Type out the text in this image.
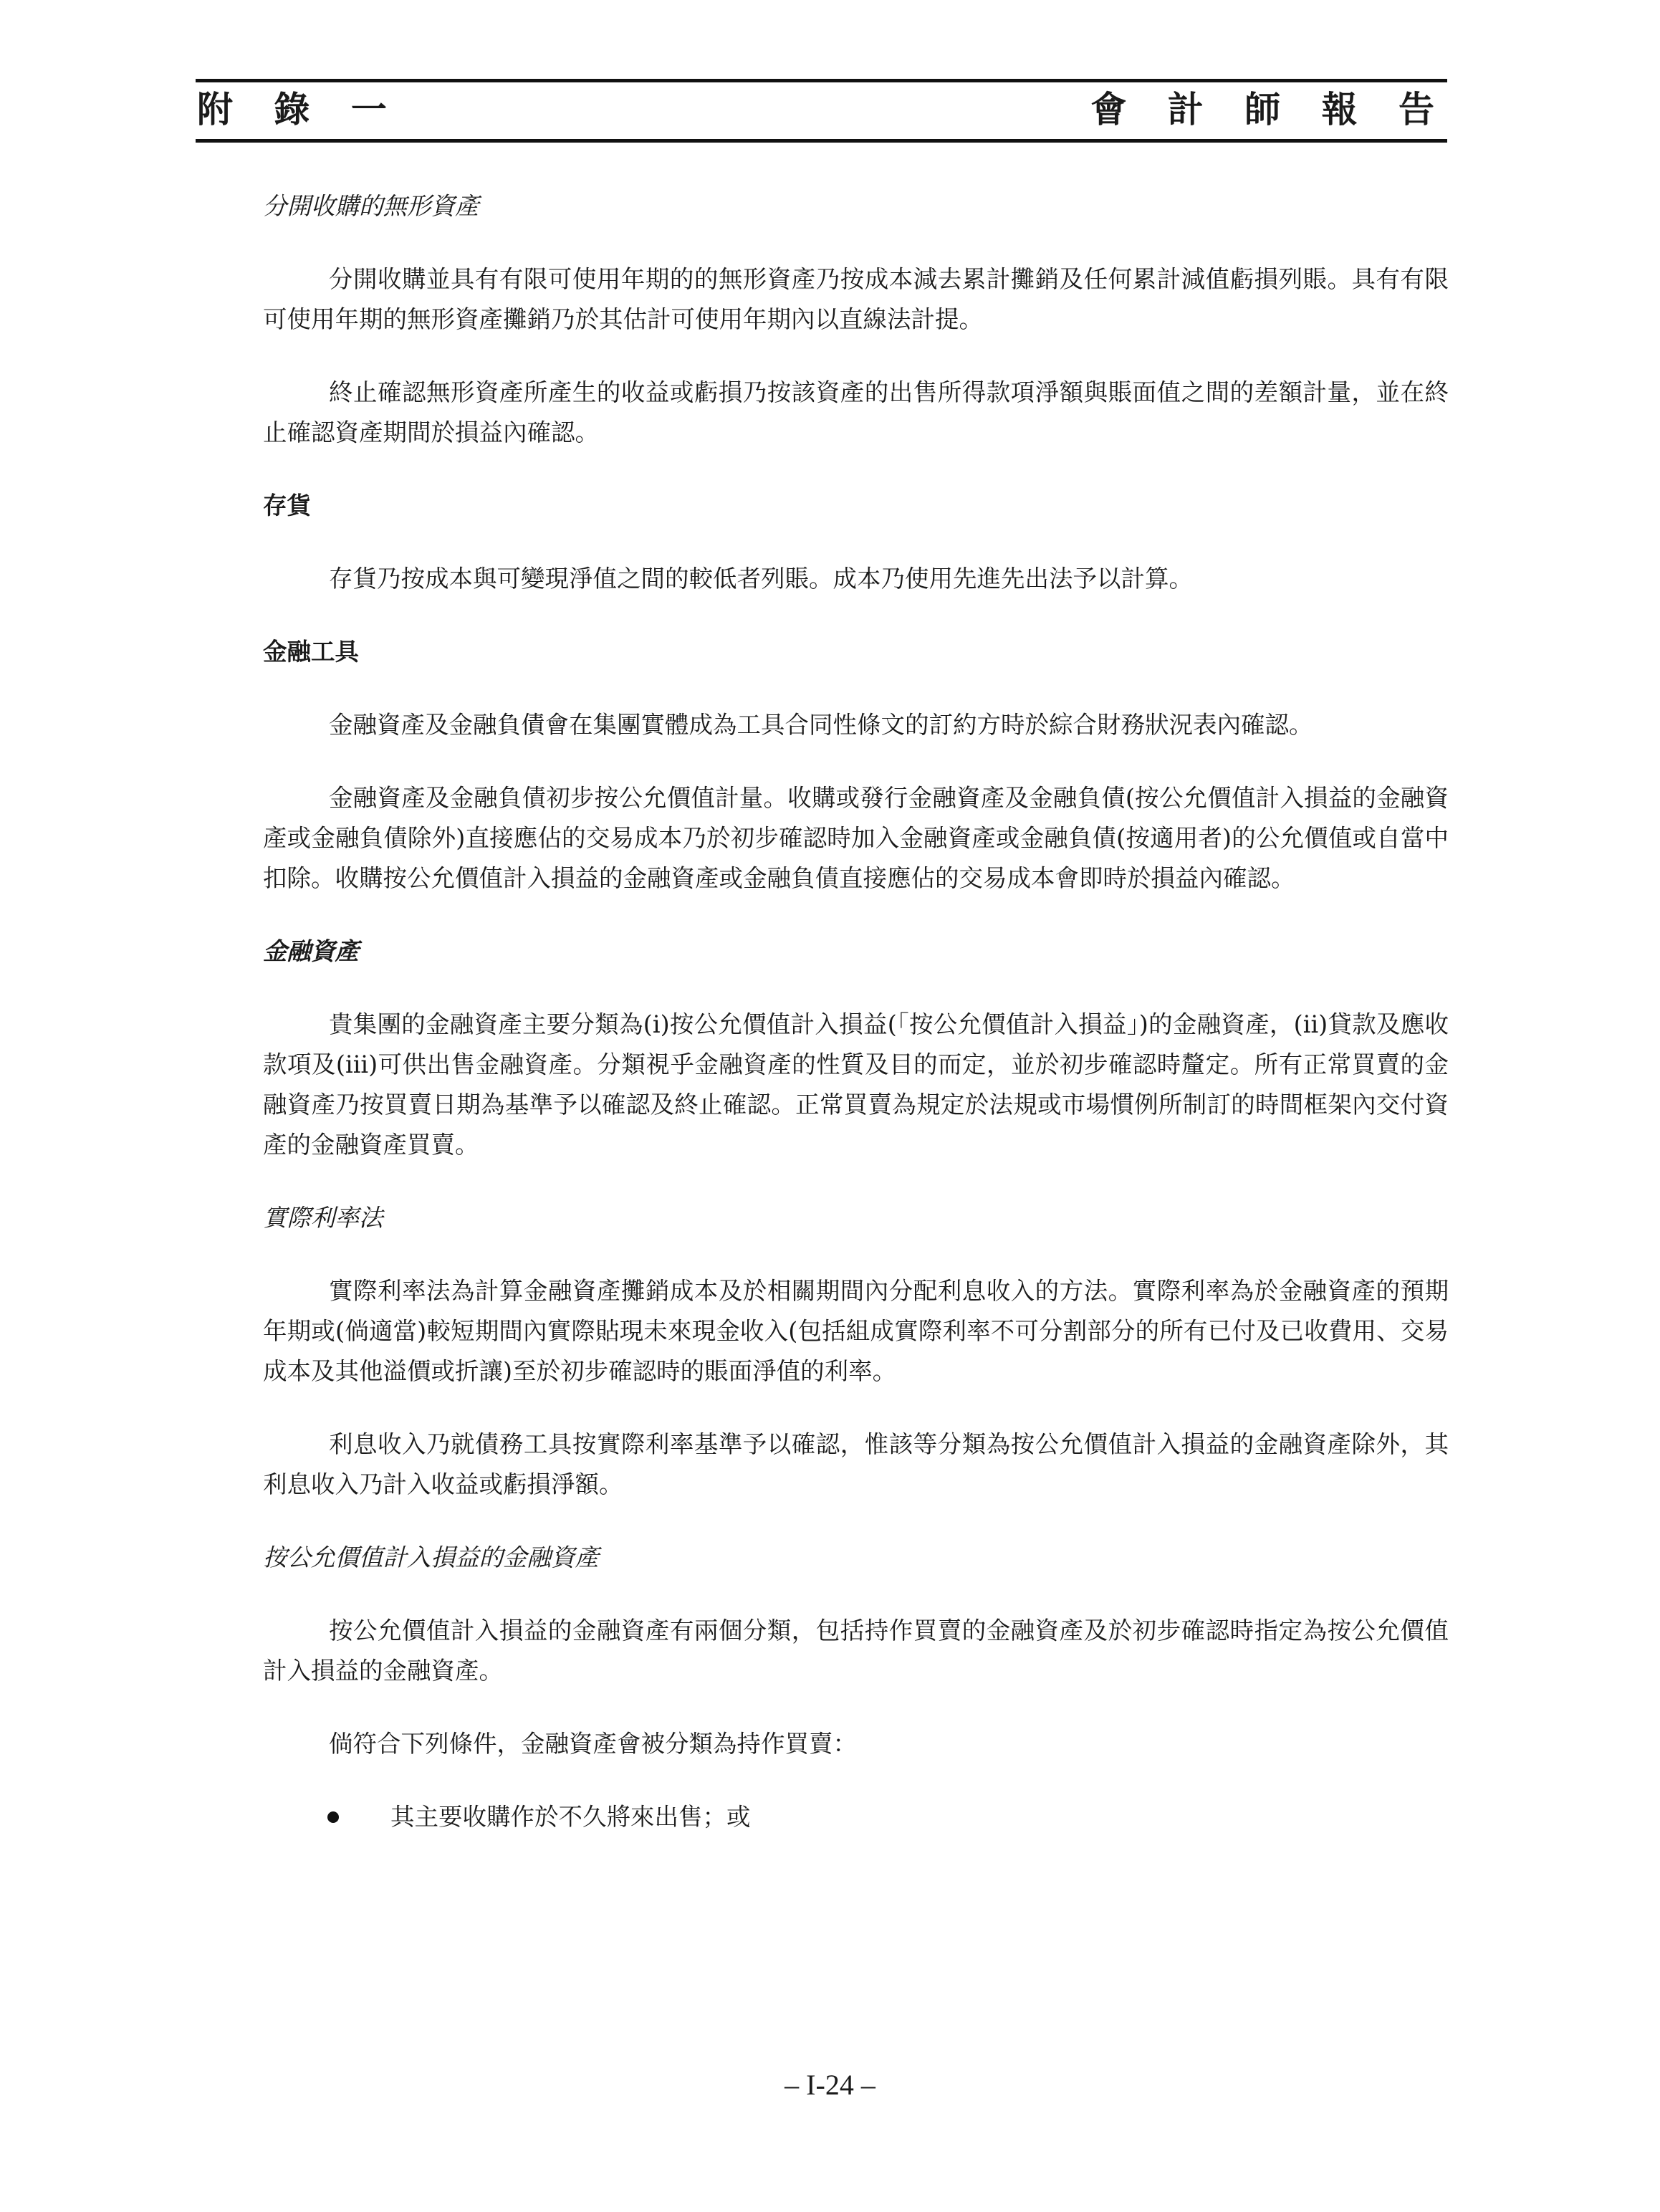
附 錄 一	會 計 師 報 告

分開收購的無形資產

分開收購並具有有限可使用年期的的無形資產乃按成本減去累計攤銷及任何累計減值虧損列賬。具有有限可使用年期的無形資產攤銷乃於其估計可使用年期內以直線法計提。

終止確認無形資產所產生的收益或虧損乃按該資產的出售所得款項淨額與賬面值之間的差額計量，並在終止確認資產期間於損益內確認。

存貨

存貨乃按成本與可變現淨值之間的較低者列賬。成本乃使用先進先出法予以計算。

金融工具

金融資產及金融負債會在集團實體成為工具合同性條文的訂約方時於綜合財務狀況表內確認。

金融資產及金融負債初步按公允價值計量。收購或發行金融資產及金融負債(按公允價值計入損益的金融資產或金融負債除外)直接應佔的交易成本乃於初步確認時加入金融資產或金融負債(按適用者)的公允價值或自當中扣除。收購按公允價值計入損益的金融資產或金融負債直接應佔的交易成本會即時於損益內確認。

金融資產

貴集團的金融資產主要分類為(i)按公允價值計入損益(「按公允價值計入損益」)的金融資產，(ii)貸款及應收款項及(iii)可供出售金融資產。分類視乎金融資產的性質及目的而定，並於初步確認時釐定。所有正常買賣的金融資產乃按買賣日期為基準予以確認及終止確認。正常買賣為規定於法規或市場慣例所制訂的時間框架內交付資產的金融資產買賣。

實際利率法

實際利率法為計算金融資產攤銷成本及於相關期間內分配利息收入的方法。實際利率為於金融資產的預期年期或(倘適當)較短期間內實際貼現未來現金收入(包括組成實際利率不可分割部分的所有已付及已收費用、交易成本及其他溢價或折讓)至於初步確認時的賬面淨值的利率。

利息收入乃就債務工具按實際利率基準予以確認，惟該等分類為按公允價值計入損益的金融資產除外，其利息收入乃計入收益或虧損淨額。

按公允價值計入損益的金融資產

按公允價值計入損益的金融資產有兩個分類，包括持作買賣的金融資產及於初步確認時指定為按公允價值計入損益的金融資產。

倘符合下列條件，金融資產會被分類為持作買賣：

其主要收購作於不久將來出售；或
– I-24 –
